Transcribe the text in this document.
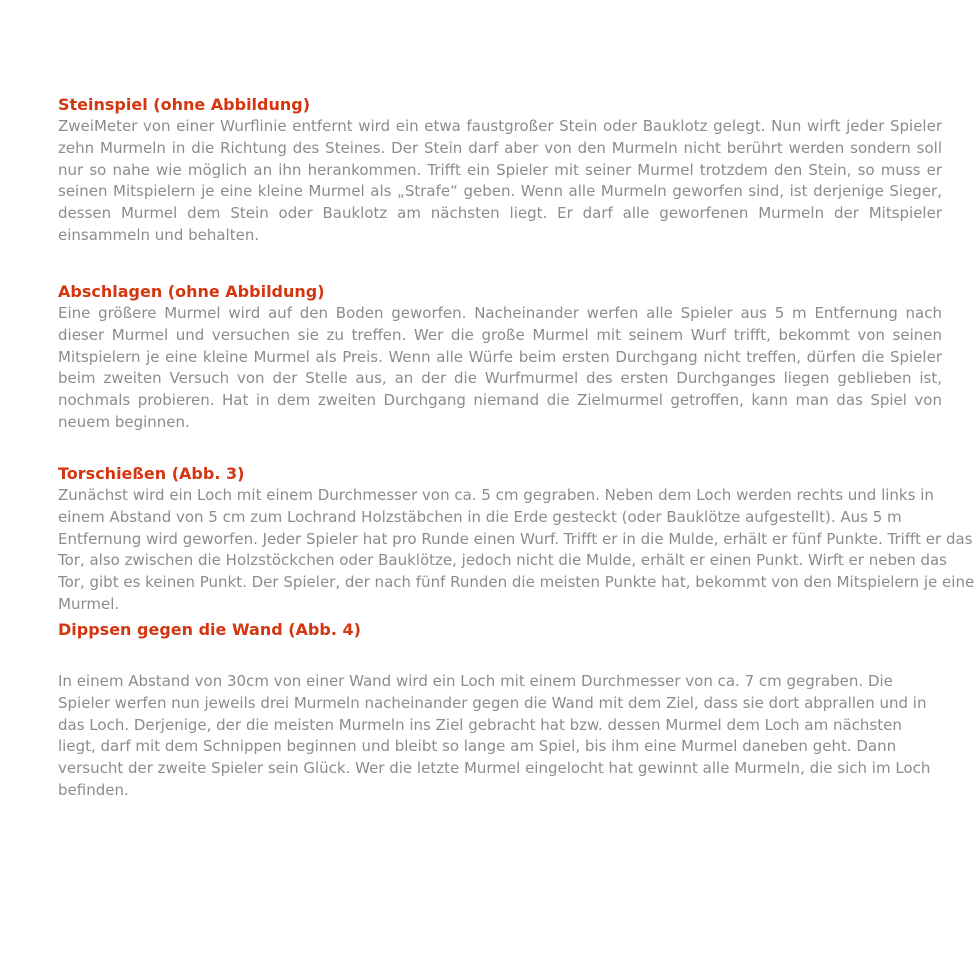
Steinspiel (ohne Abbildung)

ZweiMeter von einer Wurflinie entfernt wird ein etwa faustgroßer Stein oder Bauklotz gelegt. Nun wirft jeder Spieler zehn Murmeln in die Richtung des Steines. Der Stein darf aber von den Murmeln nicht berührt werden sondern soll nur so nahe wie möglich an ihn herankommen. Trifft ein Spieler mit seiner Murmel trotzdem den Stein, so muss er seinen Mitspielern je eine kleine Murmel als „Strafe“ geben. Wenn alle Murmeln geworfen sind, ist derjenige Sieger, dessen Murmel dem Stein oder Bauklotz am nächsten liegt. Er darf alle geworfenen Murmeln der Mitspieler einsammeln und behalten.

Abschlagen (ohne Abbildung)

Eine größere Murmel wird auf den Boden geworfen. Nacheinander werfen alle Spieler aus 5 m Entfernung nach dieser Murmel und versuchen sie zu treffen. Wer die große Murmel mit seinem Wurf trifft, bekommt von seinen Mitspielern je eine kleine Murmel als Preis. Wenn alle Würfe beim ersten Durchgang nicht treffen, dürfen die Spieler beim zweiten Versuch von der Stelle aus, an der die Wurfmurmel des ersten Durchganges liegen geblieben ist, nochmals probieren. Hat in dem zweiten Durchgang niemand die Zielmurmel getroffen, kann man das Spiel von neuem beginnen.

Torschießen (Abb. 3)

Zunächst wird ein Loch mit einem Durchmesser von ca. 5 cm gegraben. Neben dem Loch werden rechts und links in einem Abstand von 5 cm zum Lochrand Holzstäbchen in die Erde gesteckt (oder Bauklötze aufgestellt). Aus 5 m Entfernung wird geworfen. Jeder Spieler hat pro Runde einen Wurf. Trifft er in die Mulde, erhält er fünf Punkte. Trifft er das Tor, also zwischen die Holzstöckchen oder Bauklötze, jedoch nicht die Mulde, erhält er einen Punkt. Wirft er neben das Tor, gibt es keinen Punkt. Der Spieler, der nach fünf Runden die meisten Punkte hat, bekommt von den Mitspielern je eine Murmel.

Dippsen gegen die Wand (Abb. 4)

In einem Abstand von 30cm von einer Wand wird ein Loch mit einem Durchmesser von ca. 7 cm gegraben. Die Spieler werfen nun jeweils drei Murmeln nacheinander gegen die Wand mit dem Ziel, dass sie dort abprallen und in das Loch. Derjenige, der die meisten Murmeln ins Ziel gebracht hat bzw. dessen Murmel dem Loch am nächsten liegt, darf mit dem Schnippen beginnen und bleibt so lange am Spiel, bis ihm eine Murmel daneben geht. Dann versucht der zweite Spieler sein Glück. Wer die letzte Murmel eingelocht hat gewinnt alle Murmeln, die sich im Loch befinden.
